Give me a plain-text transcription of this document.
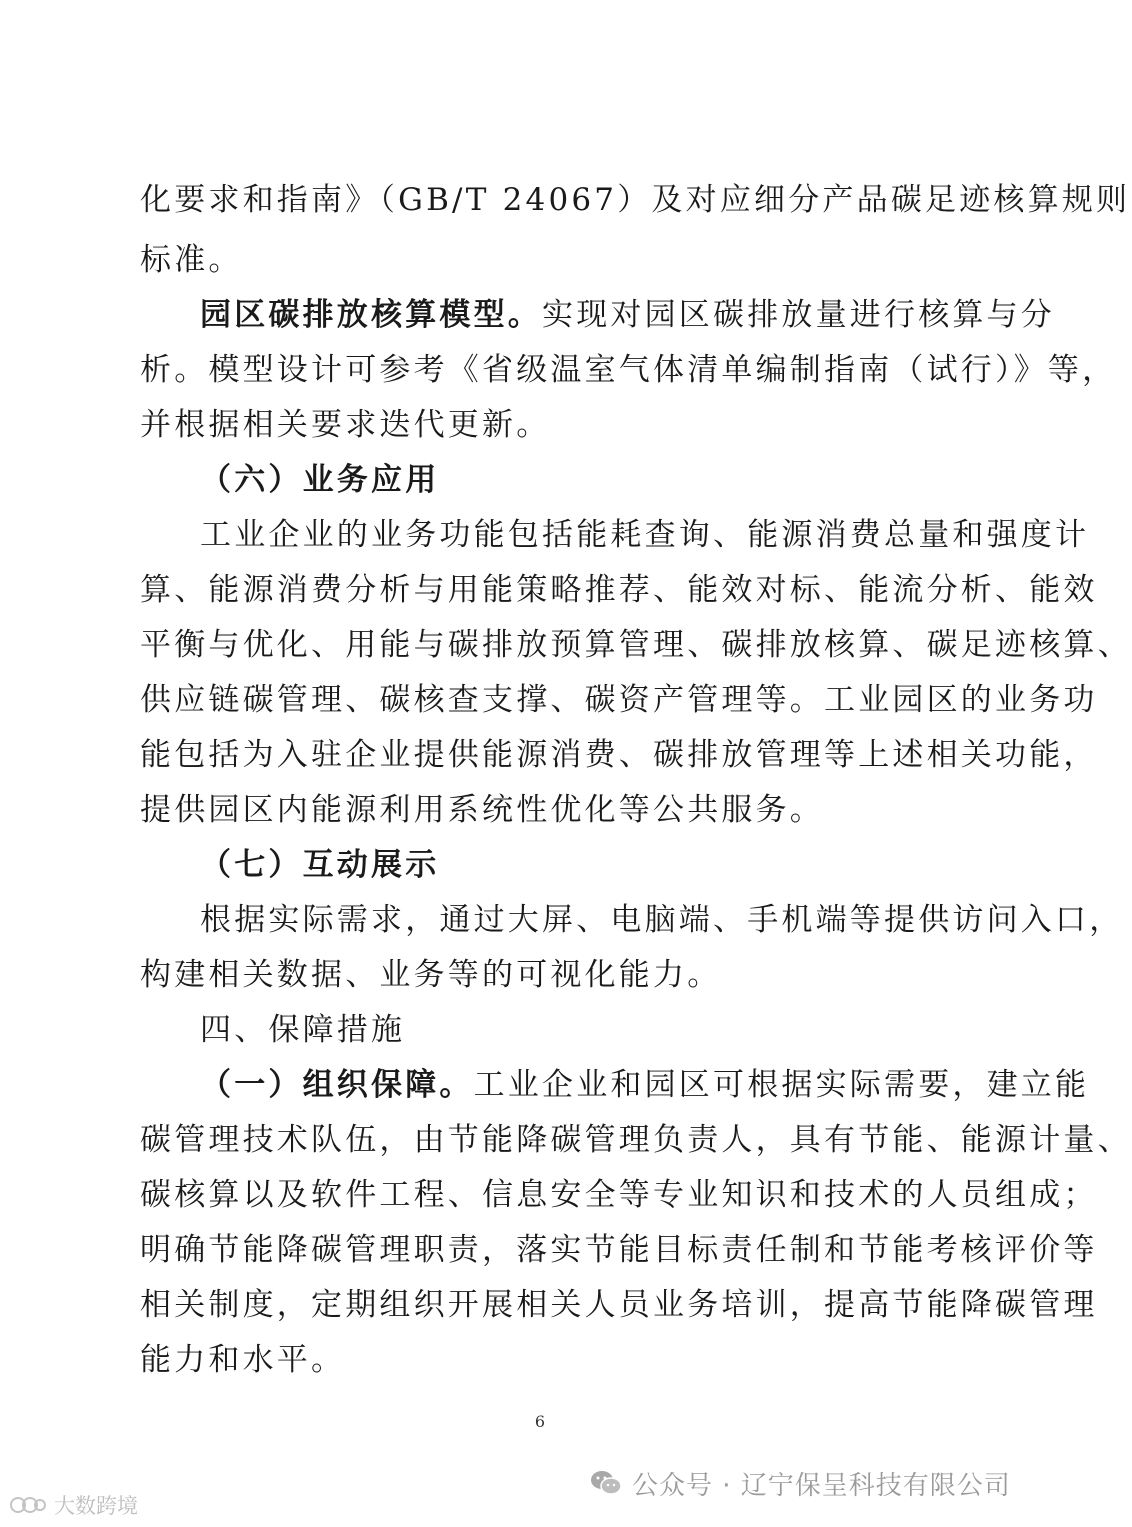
化要求和指南》（GB/T 24067）及对应细分产品碳足迹核算规则
标准。
园区碳排放核算模型。实现对园区碳排放量进行核算与分
析。模型设计可参考《省级温室气体清单编制指南（试行）》等，
并根据相关要求迭代更新。
（六）业务应用
工业企业的业务功能包括能耗查询、能源消费总量和强度计
算、能源消费分析与用能策略推荐、能效对标、能流分析、能效
平衡与优化、用能与碳排放预算管理、碳排放核算、碳足迹核算、
供应链碳管理、碳核查支撑、碳资产管理等。工业园区的业务功
能包括为入驻企业提供能源消费、碳排放管理等上述相关功能，
提供园区内能源利用系统性优化等公共服务。
（七）互动展示
根据实际需求，通过大屏、电脑端、手机端等提供访问入口，
构建相关数据、业务等的可视化能力。
四、保障措施
（一）组织保障。工业企业和园区可根据实际需要，建立能
碳管理技术队伍，由节能降碳管理负责人，具有节能、能源计量、
碳核算以及软件工程、信息安全等专业知识和技术的人员组成；
明确节能降碳管理职责，落实节能目标责任制和节能考核评价等
相关制度，定期组织开展相关人员业务培训，提高节能降碳管理
能力和水平。
6
公众号 · 辽宁保呈科技有限公司
大数跨境
